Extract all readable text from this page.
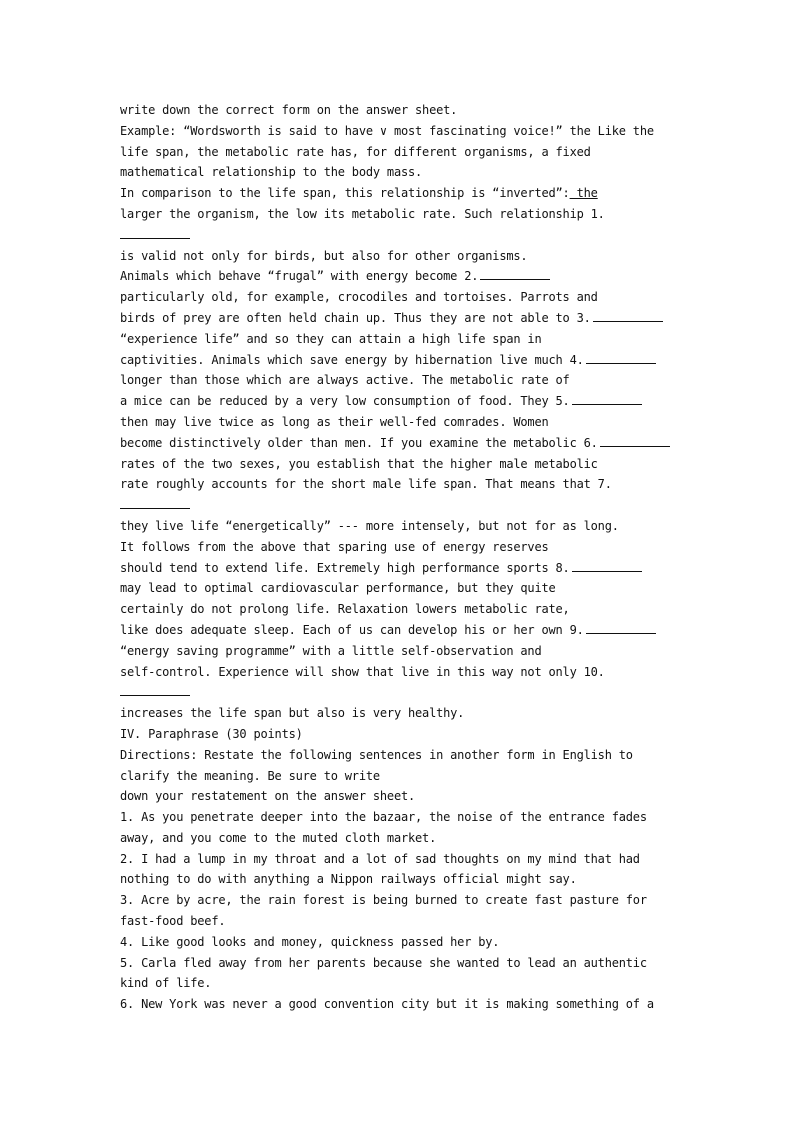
write down the correct form on the answer sheet.
Example: “Wordsworth is said to have ∨ most fascinating voice!” the Like the
life span, the metabolic rate has, for different organisms, a fixed
mathematical relationship to the body mass.
In comparison to the life span, this relationship is “inverted”: the
larger the organism, the low its metabolic rate. Such relationship 1.
is valid not only for birds, but also for other organisms.
Animals which behave “frugal” with energy become 2.
particularly old, for example, crocodiles and tortoises. Parrots and
birds of prey are often held chain up. Thus they are not able to 3.
“experience life” and so they can attain a high life span in
captivities. Animals which save energy by hibernation live much 4.
longer than those which are always active. The metabolic rate of
a mice can be reduced by a very low consumption of food. They 5.
then may live twice as long as their well-fed comrades. Women
become distinctively older than men. If you examine the metabolic 6.
rates of the two sexes, you establish that the higher male metabolic
rate roughly accounts for the short male life span. That means that 7.
they live life “energetically” --- more intensely, but not for as long.
It follows from the above that sparing use of energy reserves
should tend to extend life. Extremely high performance sports 8.
may lead to optimal cardiovascular performance, but they quite
certainly do not prolong life. Relaxation lowers metabolic rate,
like does adequate sleep. Each of us can develop his or her own 9.
“energy saving programme” with a little self-observation and
self-control. Experience will show that live in this way not only 10.
increases the life span but also is very healthy.
IV. Paraphrase (30 points)
Directions: Restate the following sentences in another form in English to
clarify the meaning. Be sure to write
down your restatement on the answer sheet.
1. As you penetrate deeper into the bazaar, the noise of the entrance fades
away, and you come to the muted cloth market.
2. I had a lump in my throat and a lot of sad thoughts on my mind that had
nothing to do with anything a Nippon railways official might say.
3. Acre by acre, the rain forest is being burned to create fast pasture for
fast-food beef.
4. Like good looks and money, quickness passed her by.
5. Carla fled away from her parents because she wanted to lead an authentic
kind of life.
6. New York was never a good convention city but it is making something of a
